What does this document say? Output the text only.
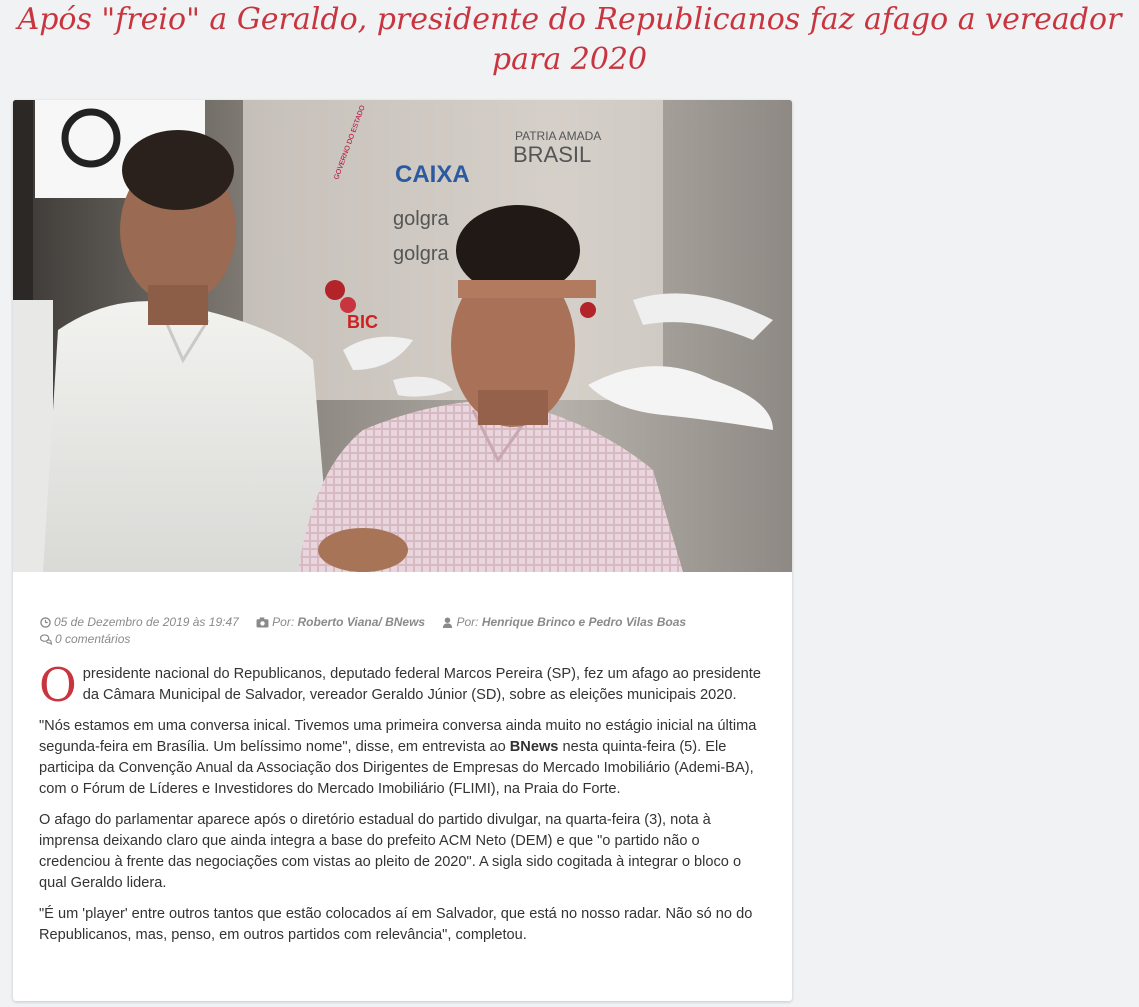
Após "freio" a Geraldo, presidente do Republicanos faz afago a vereador para 2020
CAIXA
PATRIA AMADA
BRASIL
GOVERNO DO ESTADO
golgra
golgra
BIC
05 de Dezembro de 2019 às 19:47	Por: Roberto Viana/ BNews	Por: Henrique Brinco e Pedro Vilas Boas
0 comentários

Opresidente nacional do Republicanos, deputado federal Marcos Pereira (SP), fez um afago ao presidente da Câmara Municipal de Salvador, vereador Geraldo Júnior (SD), sobre as eleições municipais 2020.

"Nós estamos em uma conversa inical. Tivemos uma primeira conversa ainda muito no estágio inicial na última segunda-feira em Brasília. Um belíssimo nome", disse, em entrevista ao BNews nesta quinta-feira (5). Ele participa da Convenção Anual da Associação dos Dirigentes de Empresas do Mercado Imobiliário (Ademi-BA), com o Fórum de Líderes e Investidores do Mercado Imobiliário (FLIMI), na Praia do Forte.

O afago do parlamentar aparece após o diretório estadual do partido divulgar, na quarta-feira (3), nota à imprensa deixando claro que ainda integra a base do prefeito ACM Neto (DEM) e que "o partido não o credenciou à frente das negociações com vistas ao pleito de 2020". A sigla sido cogitada à integrar o bloco o qual Geraldo lidera.

"É um 'player' entre outros tantos que estão colocados aí em Salvador, que está no nosso radar. Não só no do Republicanos, mas, penso, em outros partidos com relevância", completou.
